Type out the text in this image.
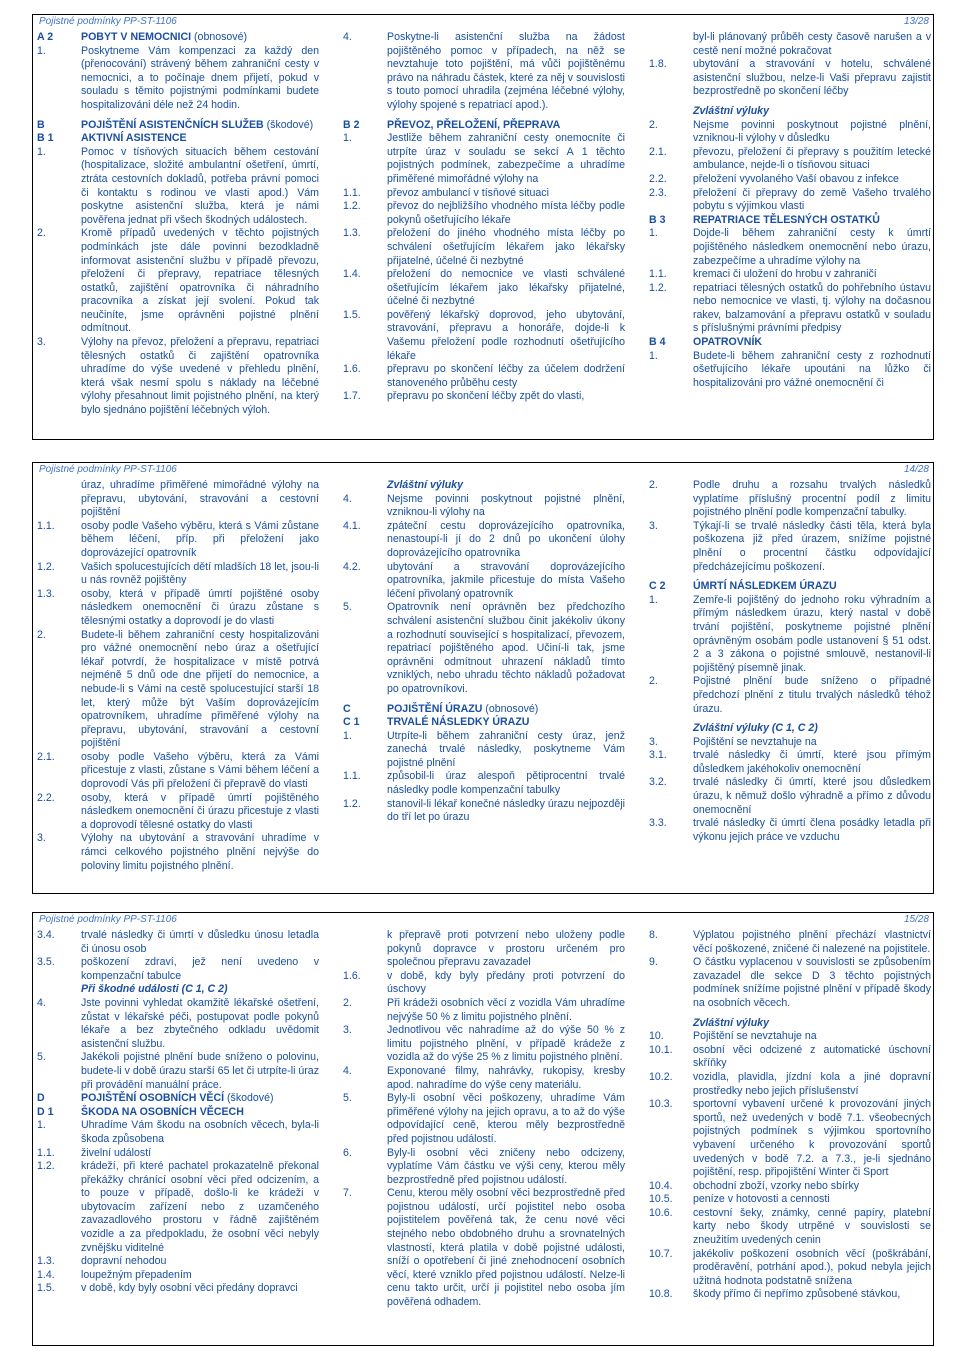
Pojistné podmínky PP-ST-1106	13/28
A 2	POBYT V NEMOCNICI (obnosové)
1.	Poskytneme Vám kompenzaci za každý den (přenocování) strávený během zahraniční cesty v nemocnici, a to počínaje dnem přijetí, pokud v souladu s těmito pojistnými podmínkami budete hospitalizováni déle než 24 hodin.
B	POJIŠTĚNÍ ASISTENČNÍCH SLUŽEB (škodové)
B 1	AKTIVNÍ ASISTENCE
1.	Pomoc v tísňových situacích během cestování (hospitalizace, složité ambulantní ošetření, úmrtí, ztráta cestovních dokladů, potřeba právní pomoci či kontaktu s rodinou ve vlasti apod.) Vám poskytne asistenční služba, která je námi pověřena jednat při všech škodných událostech.
2.	Kromě případů uvedených v těchto pojistných podmínkách jste dále povinni bezodkladně informovat asistenční službu v případě převozu, přeložení či přepravy, repatriace tělesných ostatků, zajištění opatrovníka či náhradního pracovníka a získat její svolení. Pokud tak neučiníte, jsme oprávněni pojistné plnění odmítnout.
3.	Výlohy na převoz, přeložení a přepravu, repatriaci tělesných ostatků či zajištění opatrovníka uhradíme do výše uvedené v přehledu plnění, která však nesmí spolu s náklady na léčebné výlohy přesahnout limit pojistného plnění, na který bylo sjednáno pojištění léčebných výloh.
4.	Poskytne-li asistenční služba na žádost pojištěného pomoc v případech, na něž se nevztahuje toto pojištění, má vůči pojištěnému právo na náhradu částek, které za něj v souvislosti s touto pomocí uhradila (zejména léčebné výlohy, výlohy spojené s repatriací apod.).
B 2	PŘEVOZ, PŘELOŽENÍ, PŘEPRAVA
1.	Jestliže během zahraniční cesty onemocníte či utrpíte úraz v souladu se sekcí A 1 těchto pojistných podmínek, zabezpečíme a uhradíme přiměřené mimořádné výlohy na
1.1.	převoz ambulancí v tísňové situaci
1.2.	převoz do nejbližšího vhodného místa léčby podle pokynů ošetřujícího lékaře
1.3.	přeložení do jiného vhodného místa léčby po schválení ošetřujícím lékařem jako lékařsky přijatelné, účelné či nezbytné
1.4.	přeložení do nemocnice ve vlasti schválené ošetřujícím lékařem jako lékařsky přijatelné, účelné či nezbytné
1.5.	pověřený lékařský doprovod, jeho ubytování, stravování, přepravu a honoráře, dojde-li k Vašemu přeložení podle rozhodnutí ošetřujícího lékaře
1.6.	přepravu po skončení léčby za účelem dodržení stanoveného průběhu cesty
1.7.	přepravu po skončení léčby zpět do vlasti,
byl-li plánovaný průběh cesty časově narušen a v cestě není možné pokračovat
1.8.	ubytování a stravování v hotelu, schválené asistenční službou, nelze-li Vaši přepravu zajistit bezprostředně po skončení léčby
Zvláštní výluky
2.	Nejsme povinni poskytnout pojistné plnění, vzniknou-li výlohy v důsledku
2.1.	převozu, přeložení či přepravy s použitím letecké ambulance, nejde-li o tísňovou situaci
2.2.	přeložení vyvolaného Vaší obavou z infekce
2.3.	přeložení či přepravy do země Vašeho trvalého pobytu s výjimkou vlasti
B 3	REPATRIACE TĚLESNÝCH OSTATKŮ
1.	Dojde-li během zahraniční cesty k úmrtí pojištěného následkem onemocnění nebo úrazu, zabezpečíme a uhradíme výlohy na
1.1.	kremaci či uložení do hrobu v zahraničí
1.2.	repatriaci tělesných ostatků do pohřebního ústavu nebo nemocnice ve vlasti, tj. výlohy na dočasnou rakev, balzamování a přepravu ostatků v souladu s příslušnými právními předpisy
B 4	OPATROVNÍK
1.	Budete-li během zahraniční cesty z rozhodnutí ošetřujícího lékaře upoutáni na lůžko či hospitalizováni pro vážné onemocnění či
Pojistné podmínky PP-ST-1106	14/28
úraz, uhradíme přiměřené mimořádné výlohy na přepravu, ubytování, stravování a cestovní pojištění
1.1.	osoby podle Vašeho výběru, která s Vámi zůstane během léčení, příp. při přeložení jako doprovázející opatrovník
1.2.	Vašich spolucestujících dětí mladších 18 let, jsou-li u nás rovněž pojištěny
1.3.	osoby, která v případě úmrtí pojištěné osoby následkem onemocnění či úrazu zůstane s tělesnými ostatky a doprovodí je do vlasti
2.	Budete-li během zahraniční cesty hospitalizováni pro vážné onemocnění nebo úraz a ošetřující lékař potvrdí, že hospitalizace v místě potrvá nejméně 5 dnů ode dne přijetí do nemocnice, a nebude-li s Vámi na cestě spolucestující starší 18 let, který může být Vaším doprovázejícím opatrovníkem, uhradíme přiměřené výlohy na přepravu, ubytování, stravování a cestovní pojištění
2.1.	osoby podle Vašeho výběru, která za Vámi přicestuje z vlasti, zůstane s Vámi během léčení a doprovodí Vás při přeložení či přepravě do vlasti
2.2.	osoby, která v případě úmrtí pojištěného následkem onemocnění či úrazu přicestuje z vlasti a doprovodí tělesné ostatky do vlasti
3.	Výlohy na ubytování a stravování uhradíme v rámci celkového pojistného plnění nejvýše do poloviny limitu pojistného plnění.
Zvláštní výluky
4.	Nejsme povinni poskytnout pojistné plnění, vzniknou-li výlohy na
4.1.	zpáteční cestu doprovázejícího opatrovníka, nenastoupí-li jí do 2 dnů po ukončení úlohy doprovázejícího opatrovníka
4.2.	ubytování a stravování doprovázejícího opatrovníka, jakmile přicestuje do místa Vašeho léčení přivolaný opatrovník
5.	Opatrovník není oprávněn bez předchozího schválení asistenční službou činit jakékoliv úkony a rozhodnutí související s hospitalizací, převozem, repatriací pojištěného apod. Učiní-li tak, jsme oprávněni odmítnout uhrazení nákladů tímto vzniklých, nebo uhradu těchto nákladů požadovat po opatrovníkovi.
C	POJIŠTĚNÍ ÚRAZU (obnosové)
C 1	TRVALÉ NÁSLEDKY ÚRAZU
1.	Utrpíte-li během zahraniční cesty úraz, jenž zanechá trvalé následky, poskytneme Vám pojistné plnění
1.1.	způsobil-li úraz alespoň pětiprocentní trvalé následky podle kompenzační tabulky
1.2.	stanovil-li lékař konečné následky úrazu nejpozději do tří let po úrazu
2.	Podle druhu a rozsahu trvalých následků vyplatíme příslušný procentní podíl z limitu pojistného plnění podle kompenzační tabulky.
3.	Týkají-li se trvalé následky části těla, která byla poškozena již před úrazem, snížíme pojistné plnění o procentní částku odpovídající předcházejícímu poškození.
C 2	ÚMRTÍ NÁSLEDKEM ÚRAZU
1.	Zemře-li pojištěný do jednoho roku výhradním a přímým následkem úrazu, který nastal v době trvání pojištění, poskytneme pojistné plnění oprávněným osobám podle ustanovení § 51 odst. 2 a 3 zákona o pojistné smlouvě, nestanovil-li pojištěný písemně jinak.
2.	Pojistné plnění bude sníženo o případné předchozí plnění z titulu trvalých následků téhož úrazu.
Zvláštní výluky (C 1, C 2)
3.	Pojištění se nevztahuje na
3.1.	trvalé následky či úmrtí, které jsou přímým důsledkem jakéhokoliv onemocnění
3.2.	trvalé následky či úmrtí, které jsou důsledkem úrazu, k němuž došlo výhradně a přímo z důvodu onemocnění
3.3.	trvalé následky či úmrtí člena posádky letadla při výkonu jejich práce ve vzduchu
Pojistné podmínky PP-ST-1106	15/28
3.4.	trvalé následky či úmrtí v důsledku únosu letadla či únosu osob
3.5.	poškození zdraví, jež není uvedeno v kompenzační tabulce
Při škodné události (C 1, C 2)
4.	Jste povinni vyhledat okamžitě lékařské ošetření, zůstat v lékařské péči, postupovat podle pokynů lékaře a bez zbytečného odkladu uvědomit asistenční službu.
5.	Jakékoli pojistné plnění bude sníženo o polovinu, budete-li v době úrazu starší 65 let či utrpíte-li úraz při provádění manuální práce.
D	POJIŠTĚNÍ OSOBNÍCH VĚCÍ (škodové)
D 1	ŠKODA NA OSOBNÍCH VĚCECH
1.	Uhradíme Vám škodu na osobních věcech, byla-li škoda způsobena
1.1.	živelní událostí
1.2.	krádeží, při které pachatel prokazatelně překonal překážky chránící osobní věci před odcizením, a to pouze v případě, došlo-li ke krádeži v ubytovacím zařízení nebo z uzamčeného zavazadlového prostoru v řádně zajištěném vozidle a za předpokladu, že osobní věci nebyly zvnějšku viditelné
1.3.	dopravní nehodou
1.4.	loupežným přepadením
1.5.	v době, kdy byly osobní věci předány dopravci
k přepravě proti potvrzení nebo uloženy podle pokynů dopravce v prostoru určeném pro společnou přepravu zavazadel
1.6.	v době, kdy byly předány proti potvrzení do úschovy
2.	Při krádeži osobních věcí z vozidla Vám uhradíme nejvýše 50 % z limitu pojistného plnění.
3.	Jednotlivou věc nahradíme až do výše 50 % z limitu pojistného plnění, v případě krádeže z vozidla až do výše 25 % z limitu pojistného plnění.
4.	Exponované filmy, nahrávky, rukopisy, kresby apod. nahradíme do výše ceny materiálu.
5.	Byly-li osobní věci poškozeny, uhradíme Vám přiměřené výlohy na jejich opravu, a to až do výše odpovídající ceně, kterou měly bezprostředně před pojistnou událostí.
6.	Byly-li osobní věci zničeny nebo odcizeny, vyplatíme Vám částku ve výši ceny, kterou měly bezprostředně před pojistnou událostí.
7.	Cenu, kterou měly osobní věci bezprostředně před pojistnou událostí, určí pojistitel nebo osoba pojistitelem pověřená tak, že cenu nové věci stejného nebo obdobného druhu a srovnatelných vlastností, která platila v době pojistné události, sníží o opotřebení či jiné znehodnocení osobních věcí, které vzniklo před pojistnou událostí. Nelze-li cenu takto určit, určí ji pojistitel nebo osoba jím pověřená odhadem.
8.	Výplatou pojistného plnění přechází vlastnictví věcí poškozené, zničené či nalezené na pojistitele.
9.	O částku vyplacenou v souvislosti se způsobením zavazadel dle sekce D 3 těchto pojistných podmínek snížíme pojistné plnění v případě škody na osobních věcech.
Zvláštní výluky
10.	Pojištění se nevztahuje na
10.1.	osobní věci odcizené z automatické úschovní skříňky
10.2.	vozidla, plavidla, jízdní kola a jiné dopravní prostředky nebo jejich příslušenství
10.3.	sportovní vybavení určené k provozování jiných sportů, než uvedených v bodě 7.1. všeobecných pojistných podmínek s výjimkou sportovního vybavení určeného k provozování sportů uvedených v bodě 7.2. a 7.3., je-li sjednáno pojištění, resp. připojištění Winter či Sport
10.4.	obchodní zboží, vzorky nebo sbírky
10.5.	peníze v hotovosti a cennosti
10.6.	cestovní šeky, známky, cenné papíry, platební karty nebo škody utrpěné v souvislosti se zneužitím uvedených cenin
10.7.	jakékoliv poškození osobních věcí (poškrábání, proděravění, potrhání apod.), pokud nebyla jejich užitná hodnota podstatně snížena
10.8.	škody přímo či nepřímo způsobené stávkou,
